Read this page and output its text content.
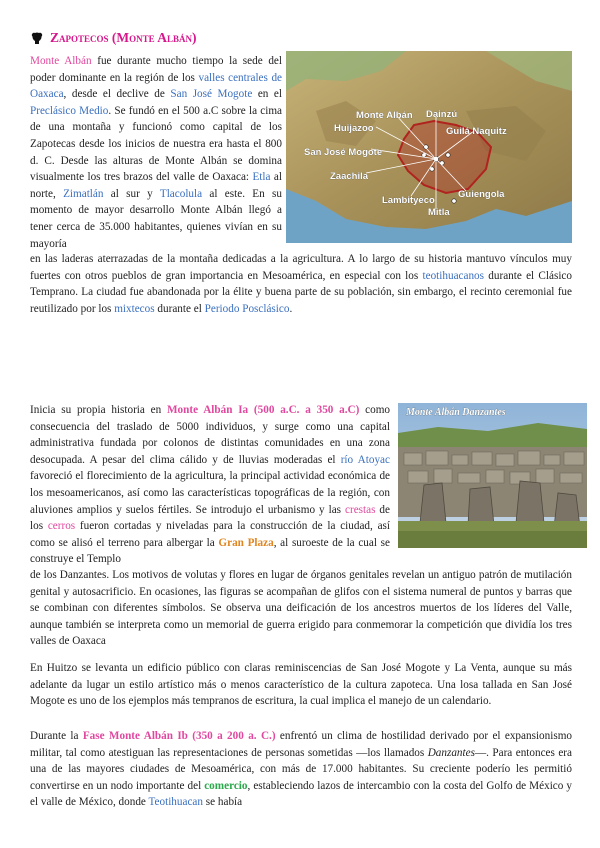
Zapotecos (Monte Albán)
Monte Albán Dainzú
Huijazoo	Guilá Naquitz
San José Mogote
Zaachila
Lambityeco
Guiengola
Mitla

Monte Albán fue durante mucho tiempo la sede del poder dominante en la región de los valles centrales de Oaxaca, desde el declive de San José Mogote en el Preclásico Medio. Se fundó en el 500 a.C sobre la cima de una montaña y funcionó como capital de los Zapotecas desde los inicios de nuestra era hasta el 800 d. C. Desde las alturas de Monte Albán se domina visualmente los tres brazos del valle de Oaxaca: Etla al norte, Zimatlán al sur y Tlacolula al este. En su momento de mayor desarrollo Monte Albán llegó a tener cerca de 35.000 habitantes, quienes vivían en su mayoría

en las laderas aterrazadas de la montaña dedicadas a la agricultura. A lo largo de su historia mantuvo vínculos muy fuertes con otros pueblos de gran importancia en Mesoamérica, en especial con los teotihuacanos durante el Clásico Temprano. La ciudad fue abandonada por la élite y buena parte de su población, sin embargo, el recinto ceremonial fue reutilizado por los mixtecos durante el Periodo Posclásico.

Monte Albán Danzantes

Inicia su propia historia en Monte Albán Ia (500 a.C. a 350 a.C) como consecuencia del traslado de 5000 individuos, y surge como una capital administrativa fundada por colonos de distintas comunidades en una zona desocupada. A pesar del clima cálido y de lluvias moderadas el río Atoyac favoreció el florecimiento de la agricultura, la principal actividad económica de los mesoamericanos, así como las características topográficas de la región, con aluviones amplios y suelos fértiles. Se introdujo el urbanismo y las crestas de los cerros fueron cortadas y niveladas para la construcción de la ciudad, así como se alisó el terreno para albergar la Gran Plaza, al suroeste de la cual se construye el Templo

de los Danzantes. Los motivos de volutas y flores en lugar de órganos genitales revelan un antiguo patrón de mutilación genital y autosacrificio. En ocasiones, las figuras se acompañan de glifos con el sistema numeral de puntos y barras que se combinan con diferentes símbolos. Se observa una deificación de los ancestros muertos de los líderes del Valle, aunque también se interpreta como un memorial de guerra erigido para conmemorar la competición que dividía los tres valles de Oaxaca

En Huitzo se levanta un edificio público con claras reminiscencias de San José Mogote y La Venta, aunque su más adelante da lugar un estilo artístico más o menos característico de la cultura zapoteca. Una losa tallada en San José Mogote es uno de los ejemplos más tempranos de escritura, la cual implica el manejo de un calendario.

Durante la Fase Monte Albán Ib (350 a 200 a. C.) enfrentó un clima de hostilidad derivado por el expansionismo militar, tal como atestiguan las representaciones de personas sometidas —los llamados Danzantes—. Para entonces era una de las mayores ciudades de Mesoamérica, con más de 17.000 habitantes. Su creciente poderío les permitió convertirse en un nodo importante del comercio, estableciendo lazos de intercambio con la costa del Golfo de México y el valle de México, donde Teotihuacan se había
